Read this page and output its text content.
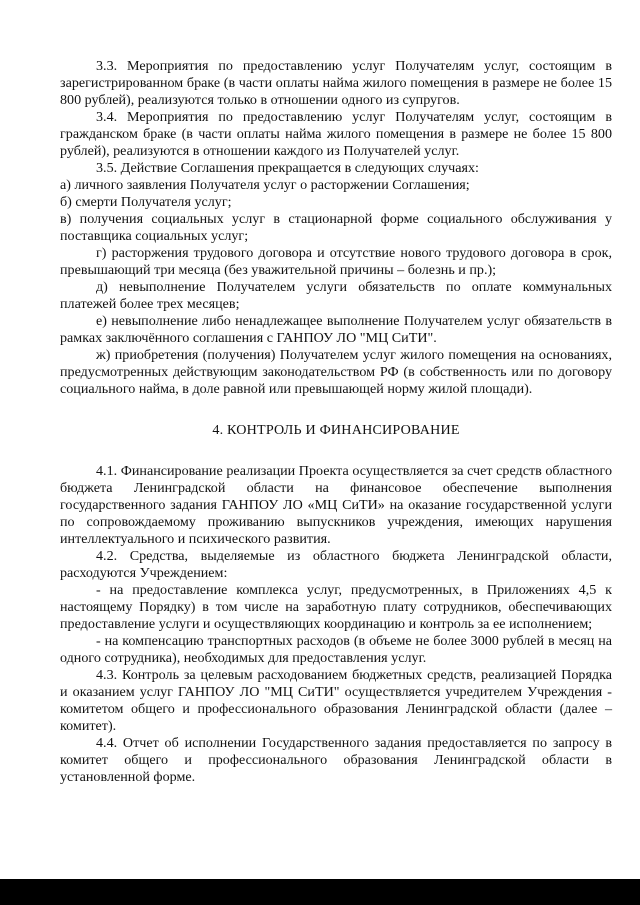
3.3. Мероприятия по предоставлению услуг Получателям услуг, состоящим в зарегистрированном браке (в части оплаты найма жилого помещения в размере не более 15 800 рублей), реализуются только в отношении одного из супругов.

3.4. Мероприятия по предоставлению услуг Получателям услуг, состоящим в гражданском браке (в части оплаты найма жилого помещения в размере не более 15 800 рублей), реализуются в отношении каждого из Получателей услуг.

3.5. Действие Соглашения прекращается в следующих случаях:

а) личного заявления Получателя услуг о расторжении Соглашения;

б) смерти Получателя услуг;

в) получения социальных услуг в стационарной форме социального обслуживания у поставщика социальных услуг;

г) расторжения трудового договора и отсутствие нового трудового договора в срок, превышающий три месяца (без уважительной причины – болезнь и пр.);

д) невыполнение Получателем услуги обязательств по оплате коммунальных платежей более трех месяцев;

е) невыполнение либо ненадлежащее выполнение Получателем услуг обязательств в рамках заключённого соглашения с ГАНПОУ ЛО "МЦ СиТИ".

ж) приобретения (получения) Получателем услуг жилого помещения на основаниях, предусмотренных действующим законодательством РФ (в собственность или по договору социального найма, в доле равной или превышающей норму жилой площади).

4. КОНТРОЛЬ И ФИНАНСИРОВАНИЕ

4.1. Финансирование реализации Проекта осуществляется за счет средств областного бюджета Ленинградской области на финансовое обеспечение выполнения государственного задания ГАНПОУ ЛО «МЦ СиТИ» на оказание государственной услуги по сопровождаемому проживанию выпускников учреждения, имеющих нарушения интеллектуального и психического развития.

4.2. Средства, выделяемые из областного бюджета Ленинградской области, расходуются Учреждением:

- на предоставление комплекса услуг, предусмотренных, в Приложениях 4,5 к настоящему Порядку) в том числе на заработную плату сотрудников, обеспечивающих предоставление услуги и осуществляющих координацию и контроль за ее исполнением;

- на компенсацию транспортных расходов (в объеме не более 3000 рублей в месяц на одного сотрудника), необходимых для предоставления услуг.

4.3. Контроль за целевым расходованием бюджетных средств, реализацией Порядка и оказанием услуг ГАНПОУ ЛО "МЦ СиТИ" осуществляется учредителем Учреждения - комитетом общего и профессионального образования Ленинградской области (далее – комитет).

4.4. Отчет об исполнении Государственного задания предоставляется по запросу в комитет общего и профессионального образования Ленинградской области в установленной форме.
